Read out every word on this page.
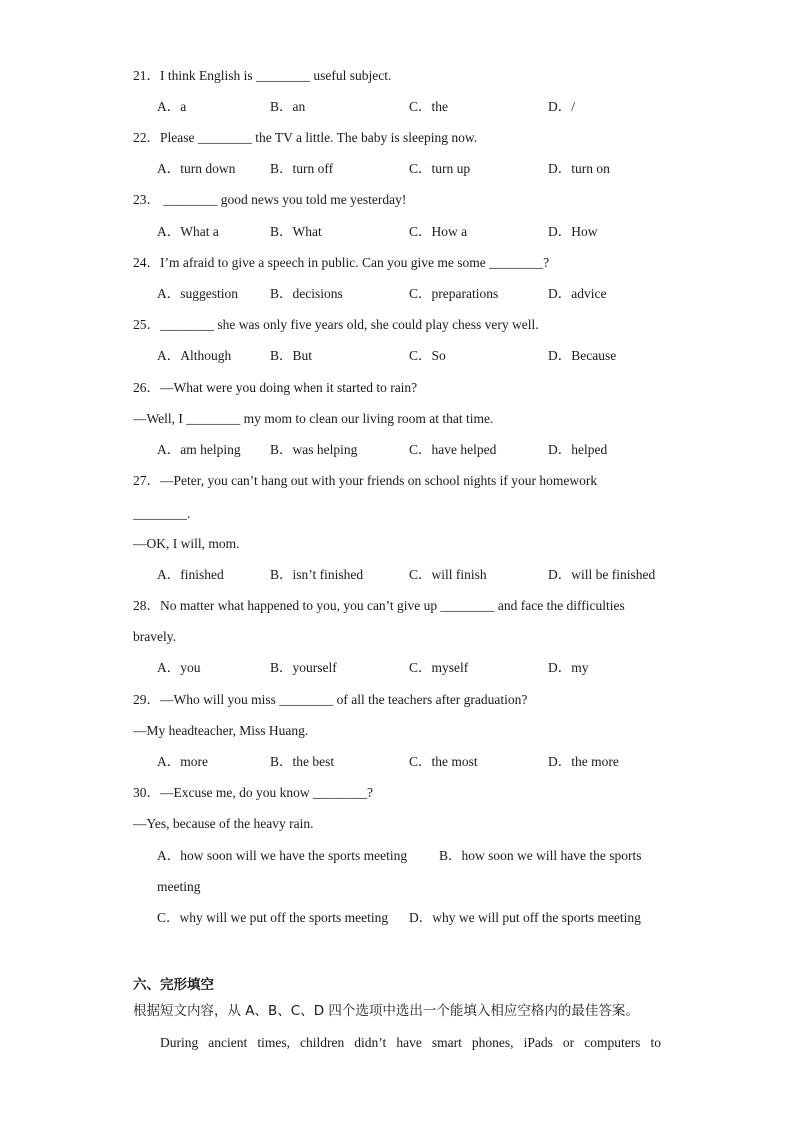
21．I think English is ________ useful subject.
A．a	B．an	C．the	D．/
22．Please ________ the TV a little. The baby is sleeping now.
A．turn down	B．turn off	C．turn up	D．turn on
23． ________ good news you told me yesterday!
A．What a	B．What	C．How a	D．How
24．I’m afraid to give a speech in public. Can you give me some ________?
A．suggestion B．decisions	C．preparations	D．advice
25．________ she was only five years old, she could play chess very well.
A．Although	B．But	C．So	D．Because
26．—What were you doing when it started to rain?
—Well, I ________ my mom to clean our living room at that time.
A．am helping B．was helping	C．have helped	D．helped
27．—Peter, you can’t hang out with your friends on school nights if your homework
________.
—OK, I will, mom.
A．finished	B．isn’t finished	C．will finish	D．will be finished
28．No matter what happened to you, you can’t give up ________ and face the difficulties
bravely.
A．you	B．yourself	C．myself	D．my
29．—Who will you miss ________ of all the teachers after graduation?
—My headteacher, Miss Huang.
A．more	B．the best	C．the most	D．the more
30．—Excuse me, do you know ________?
—Yes, because of the heavy rain.
A．how soon will we have the sports meeting B．how soon we will have the sports
meeting
C．why will we put off the sports meeting D．why we will put off the sports meeting
六、完形填空
根据短文内容，从 A、B、C、D 四个选项中选出一个能填入相应空格内的最佳答案。
During ancient times, children didn’t have smart phones, iPads or computers to
